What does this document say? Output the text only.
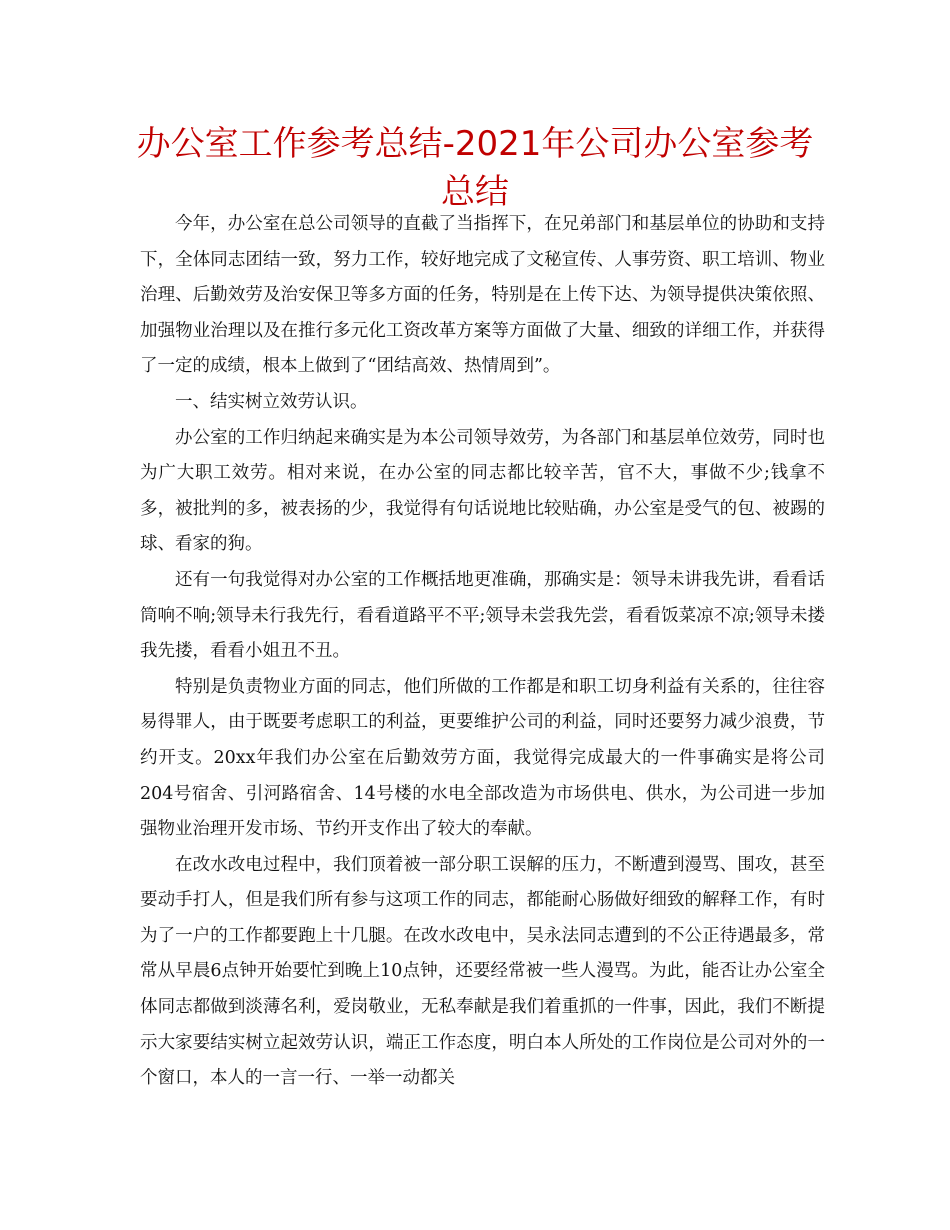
办公室工作参考总结-2021年公司办公室参考总结

今年，办公室在总公司领导的直截了当指挥下，在兄弟部门和基层单位的协助和支持下，全体同志团结一致，努力工作，较好地完成了文秘宣传、人事劳资、职工培训、物业治理、后勤效劳及治安保卫等多方面的任务，特别是在上传下达、为领导提供决策依照、加强物业治理以及在推行多元化工资改革方案等方面做了大量、细致的详细工作，并获得了一定的成绩，根本上做到了“团结高效、热情周到”。

一、结实树立效劳认识。

办公室的工作归纳起来确实是为本公司领导效劳，为各部门和基层单位效劳，同时也为广大职工效劳。相对来说，在办公室的同志都比较辛苦，官不大，事做不少;钱拿不多，被批判的多，被表扬的少，我觉得有句话说地比较贴确，办公室是受气的包、被踢的球、看家的狗。

还有一句我觉得对办公室的工作概括地更准确，那确实是：领导未讲我先讲，看看话筒响不响;领导未行我先行，看看道路平不平;领导未尝我先尝，看看饭菜凉不凉;领导未搂我先搂，看看小姐丑不丑。

特别是负责物业方面的同志，他们所做的工作都是和职工切身利益有关系的，往往容易得罪人，由于既要考虑职工的利益，更要维护公司的利益，同时还要努力减少浪费，节约开支。20xx年我们办公室在后勤效劳方面，我觉得完成最大的一件事确实是将公司204号宿舍、引河路宿舍、14号楼的水电全部改造为市场供电、供水，为公司进一步加强物业治理开发市场、节约开支作出了较大的奉献。

在改水改电过程中，我们顶着被一部分职工误解的压力，不断遭到漫骂、围攻，甚至要动手打人，但是我们所有参与这项工作的同志，都能耐心肠做好细致的解释工作，有时为了一户的工作都要跑上十几腿。在改水改电中，吴永法同志遭到的不公正待遇最多，常常从早晨6点钟开始要忙到晚上10点钟，还要经常被一些人漫骂。为此，能否让办公室全体同志都做到淡薄名利，爱岗敬业，无私奉献是我们着重抓的一件事，因此，我们不断提示大家要结实树立起效劳认识，端正工作态度，明白本人所处的工作岗位是公司对外的一个窗口，本人的一言一行、一举一动都关
